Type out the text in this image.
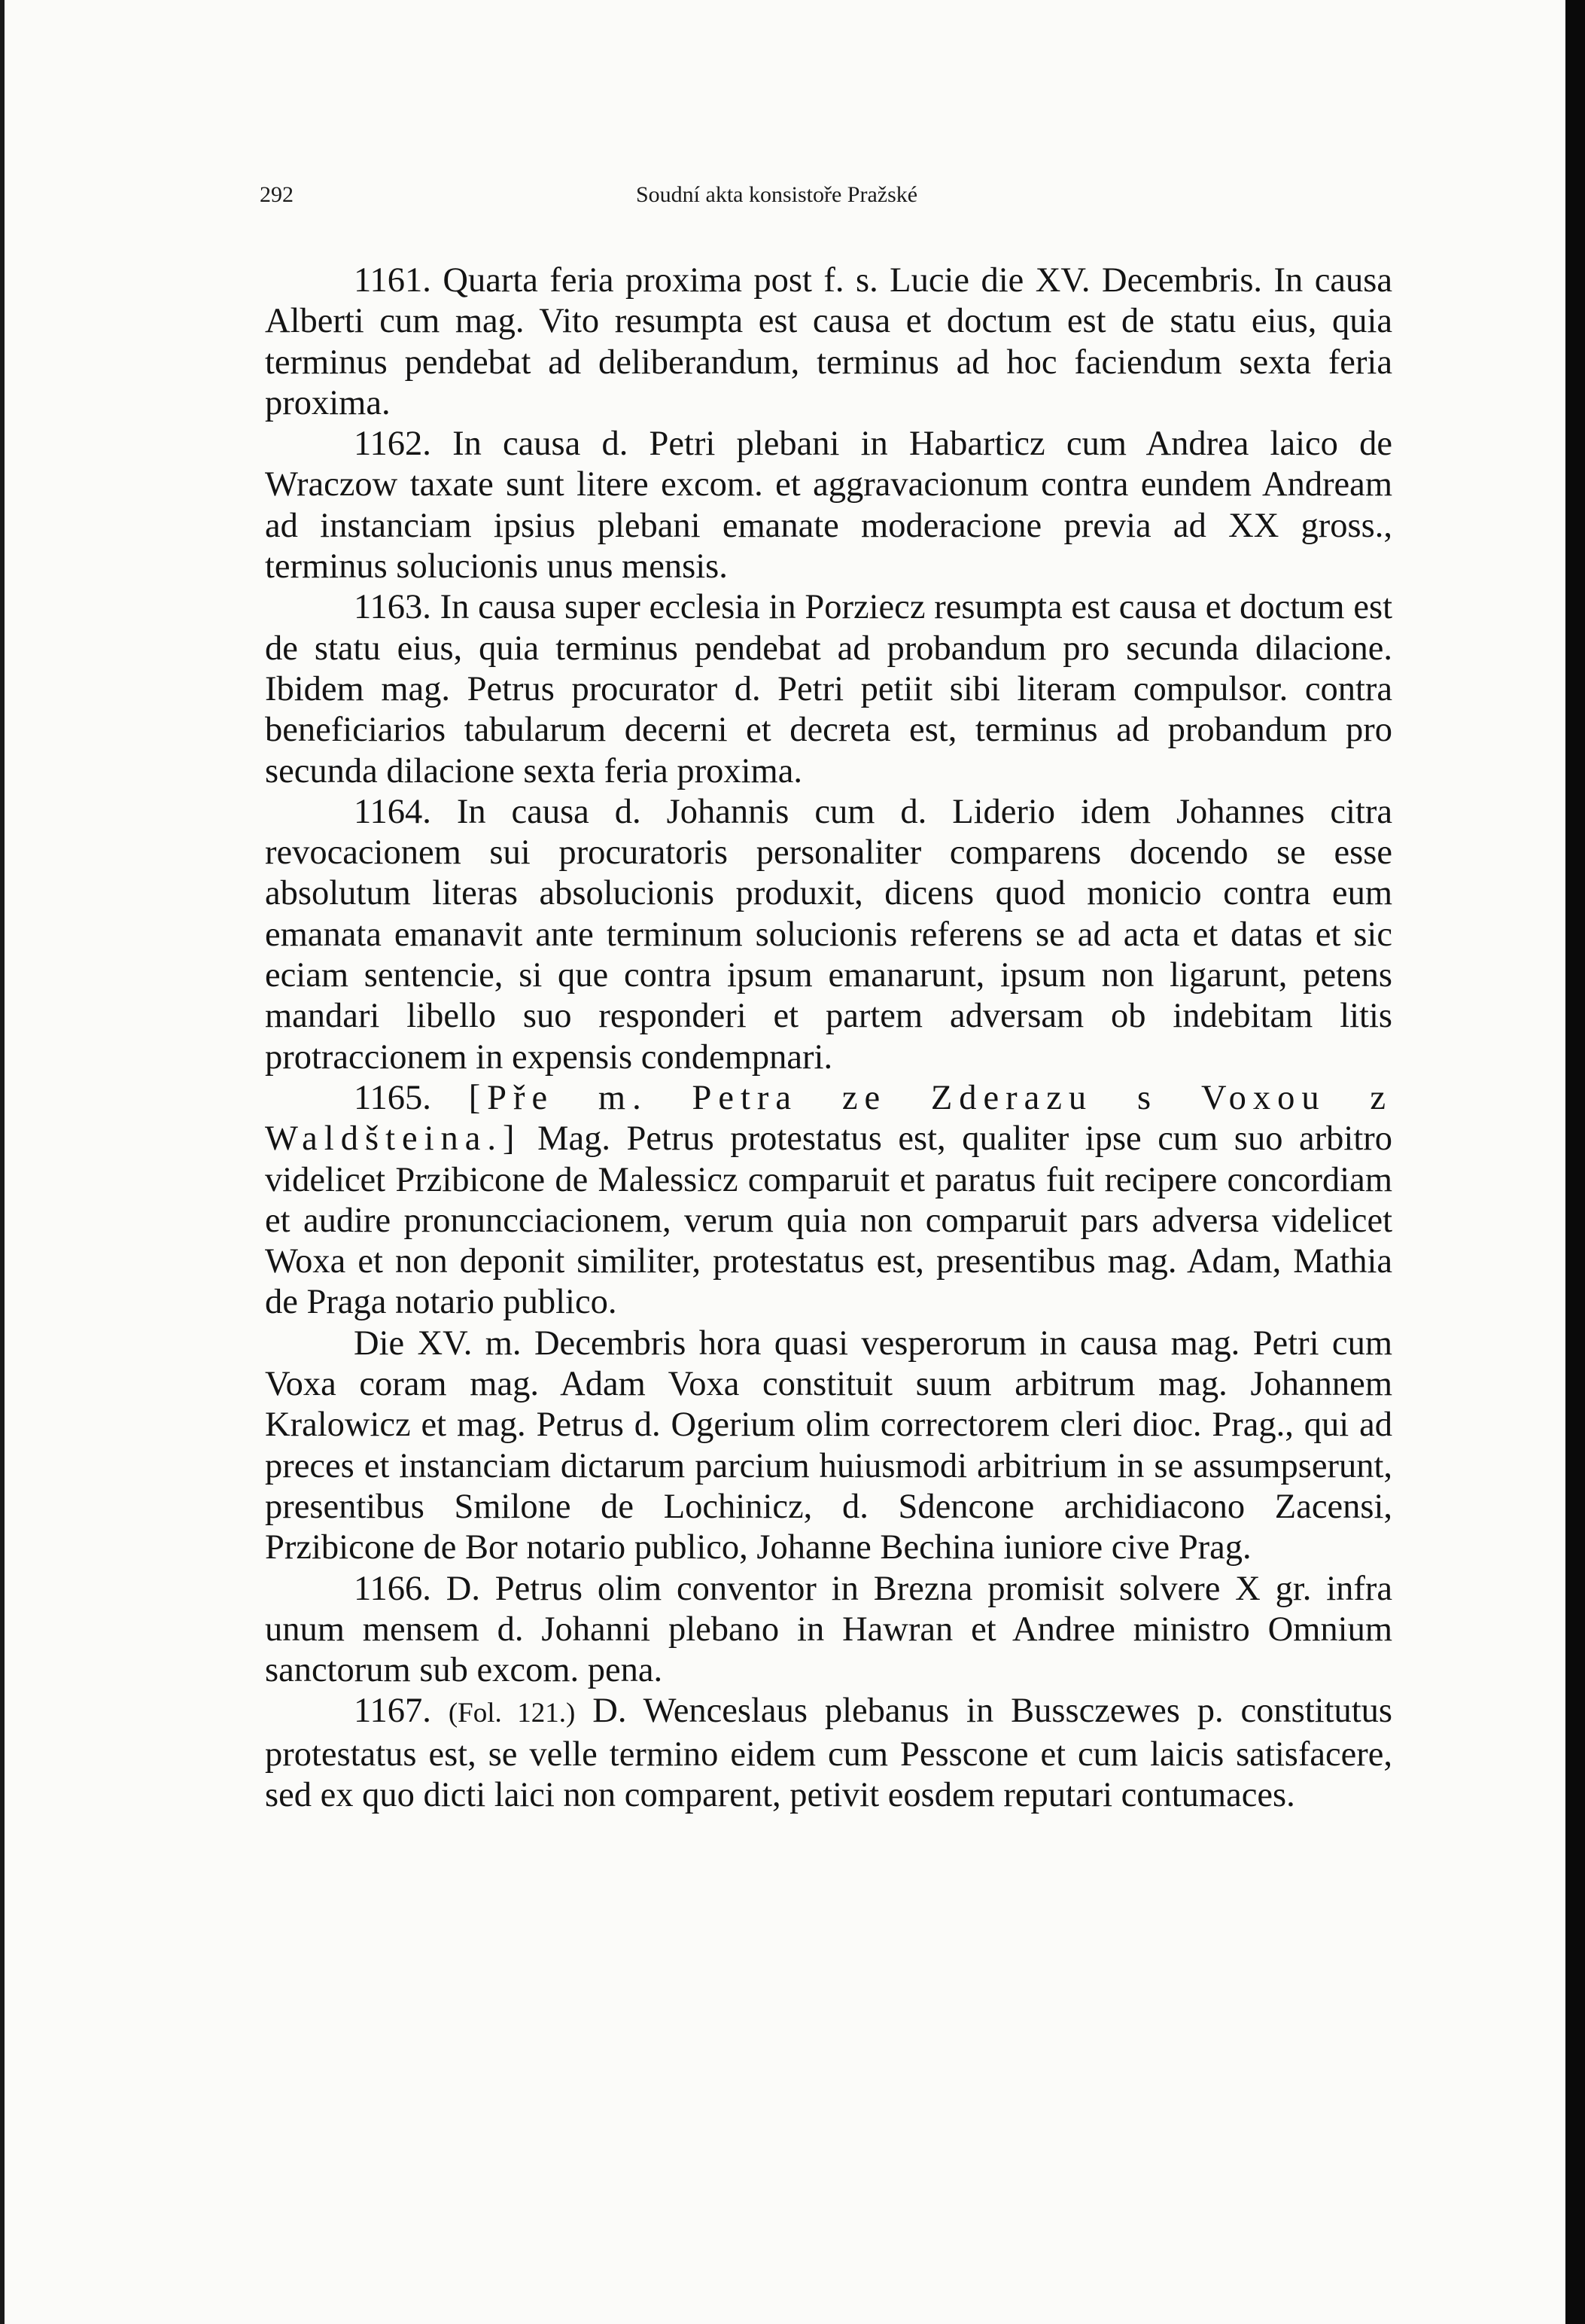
292	Soudní akta konsistoře Pražské

1161. Quarta feria proxima post f. s. Lucie die XV. Decembris. In causa Alberti cum mag. Vito resumpta est causa et doctum est de statu eius, quia terminus pendebat ad deliberandum, terminus ad hoc faciendum sexta feria proxima.

1162. In causa d. Petri plebani in Habarticz cum Andrea laico de Wraczow taxate sunt litere excom. et aggravacionum contra eundem Andream ad instanciam ipsius plebani emanate moderacione previa ad XX gross., terminus solucionis unus mensis.

1163. In causa super ecclesia in Porziecz resumpta est causa et doctum est de statu eius, quia terminus pendebat ad probandum pro secunda dilacione. Ibidem mag. Petrus procurator d. Petri petiit sibi literam compulsor. contra beneficiarios tabularum decerni et decreta est, terminus ad probandum pro secunda dilacione sexta feria proxima.

1164. In causa d. Johannis cum d. Liderio idem Johannes citra revocacionem sui procuratoris personaliter comparens docendo se esse absolutum literas absolucionis produxit, dicens quod monicio contra eum emanata emanavit ante terminum solucionis referens se ad acta et datas et sic eciam sentencie, si que contra ipsum emanarunt, ipsum non ligarunt, petens mandari libello suo responderi et partem adversam ob indebitam litis protraccionem in expensis condempnari.

1165. [Pře m. Petra ze Zderazu s Voxou z Waldšteina.] Mag. Petrus protestatus est, qualiter ipse cum suo arbitro videlicet Przibicone de Malessicz comparuit et paratus fuit recipere concordiam et audire pronuncciacionem, verum quia non comparuit pars adversa videlicet Woxa et non deponit similiter, protestatus est, presentibus mag. Adam, Mathia de Praga notario publico.

Die XV. m. Decembris hora quasi vesperorum in causa mag. Petri cum Voxa coram mag. Adam Voxa constituit suum arbitrum mag. Johannem Kralowicz et mag. Petrus d. Ogerium olim correctorem cleri dioc. Prag., qui ad preces et instanciam dictarum parcium huiusmodi arbitrium in se assumpserunt, presentibus Smilone de Lochinicz, d. Sdencone archidiacono Zacensi, Przibicone de Bor notario publico, Johanne Bechina iuniore cive Prag.

1166. D. Petrus olim conventor in Brezna promisit solvere X gr. infra unum mensem d. Johanni plebano in Hawran et Andree ministro Omnium sanctorum sub excom. pena.

1167. (Fol. 121.) D. Wenceslaus plebanus in Bussczewes p. constitutus protestatus est, se velle termino eidem cum Pesscone et cum laicis satisfacere, sed ex quo dicti laici non comparent, petivit eosdem reputari contumaces.
